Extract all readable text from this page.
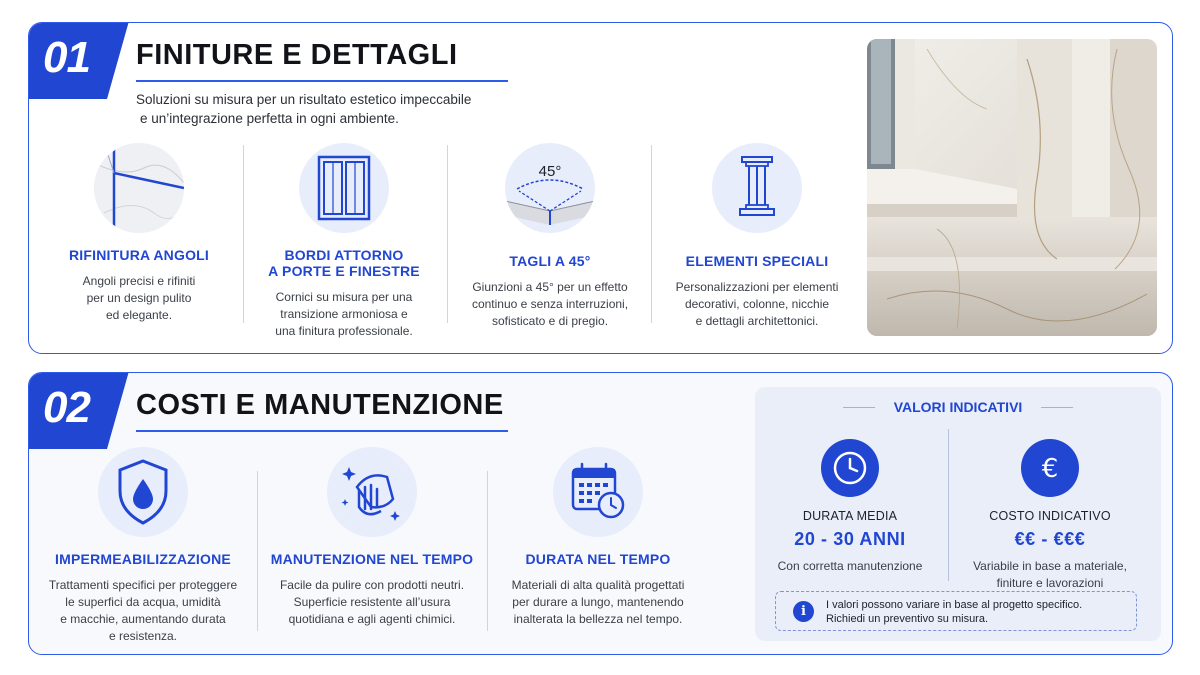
01 FINITURE E DETTAGLI
Soluzioni su misura per un risultato estetico impeccabile
e un’integrazione perfetta in ogni ambiente.
RIFINITURA ANGOLI
Angoli precisi e rifiniti
per un design pulito
ed elegante.
BORDI ATTORNO
A PORTE E FINESTRE
Cornici su misura per una
transizione armoniosa e
una finitura professionale.
45°
TAGLI A 45°
Giunzioni a 45° per un effetto
continuo e senza interruzioni,
sofisticato e di pregio.
ELEMENTI SPECIALI
Personalizzazioni per elementi
decorativi, colonne, nicchie
e dettagli architettonici.
02 COSTI E MANUTENZIONE
IMPERMEABILIZZAZIONE
Trattamenti specifici per proteggere
le superfici da acqua, umidità
e macchie, aumentando durata
e resistenza.
MANUTENZIONE NEL TEMPO
Facile da pulire con prodotti neutri.
Superficie resistente all’usura
quotidiana e agli agenti chimici.
DURATA NEL TEMPO
Materiali di alta qualità progettati
per durare a lungo, mantenendo
inalterata la bellezza nel tempo.
VALORI INDICATIVI
DURATA MEDIA
20 - 30 ANNI
Con corretta manutenzione
€
COSTO INDICATIVO
€€ - €€€
Variabile in base a materiale,
finiture e lavorazioni
i	I valori possono variare in base al progetto specifico.
Richiedi un preventivo su misura.
